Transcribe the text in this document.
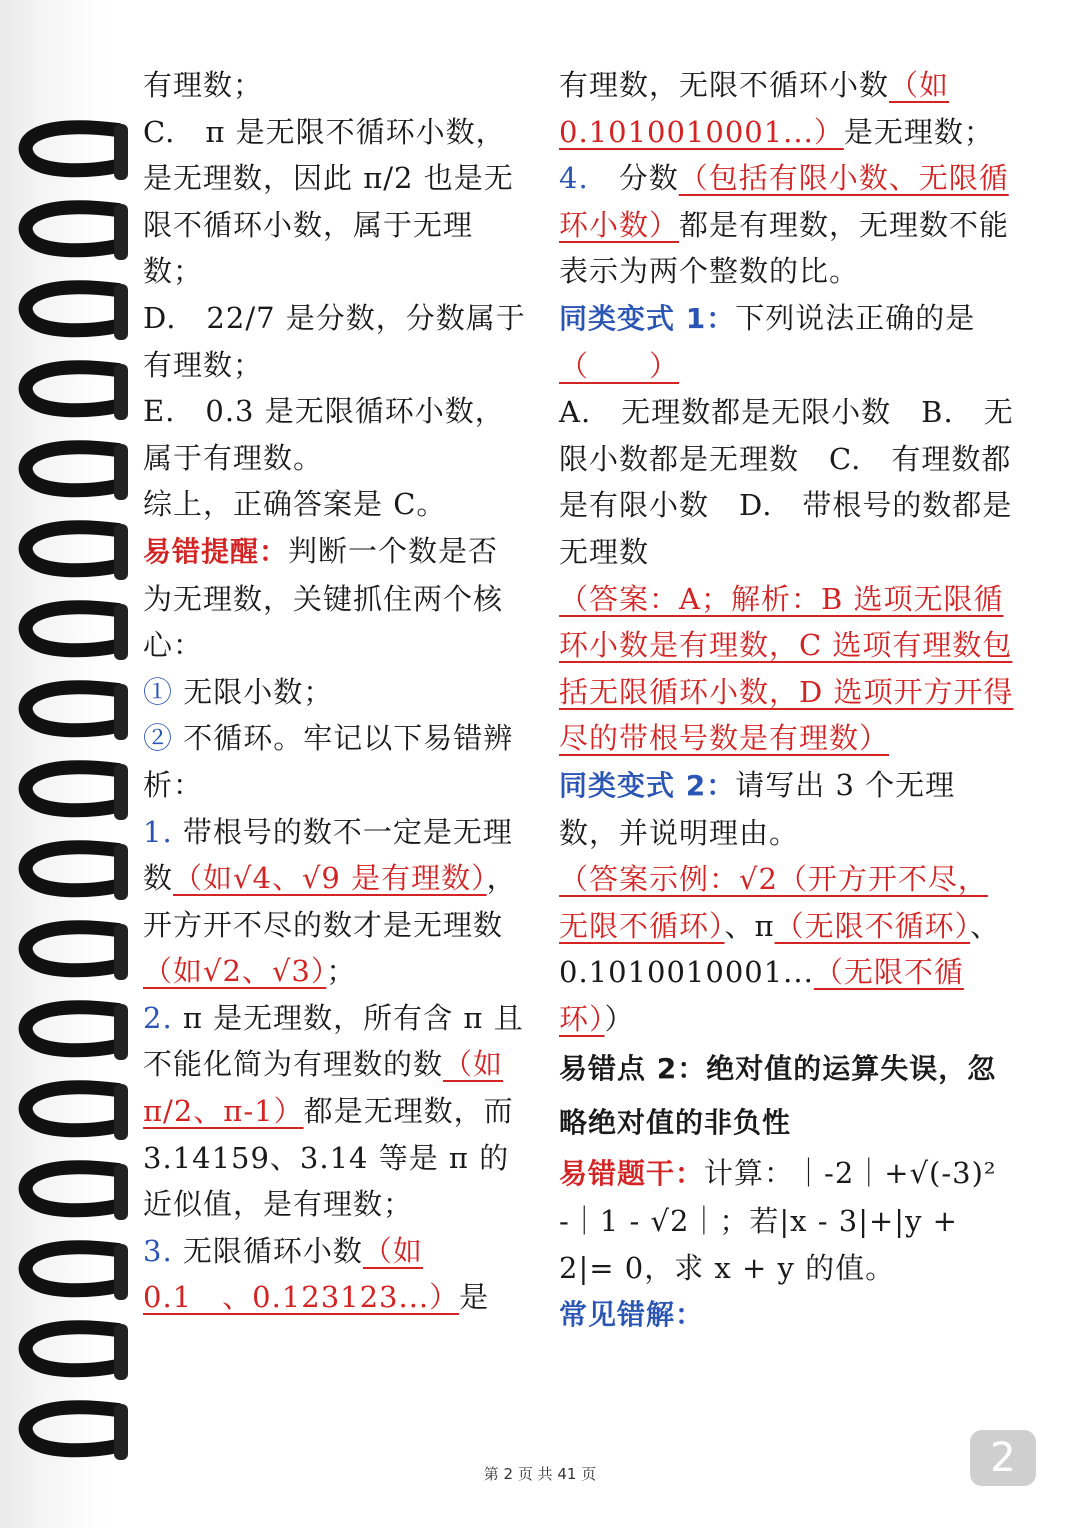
有理数；

C.　π 是无限不循环小数，是无理数，因此 π/2 也是无限不循环小数，属于无理数；

D.　22/7 是分数，分数属于有理数；

E.　0.3 是无限循环小数，属于有理数。

综上，正确答案是 C。

易错提醒：判断一个数是否为无理数，关键抓住两个核心：

① 无限小数；

② 不循环。牢记以下易错辨析：

1. 带根号的数不一定是无理数（如√4、√9 是有理数），开方开不尽的数才是无理数（如√2、√3）；

2. π 是无理数，所有含 π 且不能化简为有理数的数（如 π/2、π-1）都是无理数，而 3.14159、3.14 等是 π 的近似值，是有理数；

3. 无限循环小数（如 0.1　、0.123123...）是

有理数，无限不循环小数（如 0.1010010001...）是无理数；

4.　 分数（包括有限小数、无限循环小数）都是有理数，无理数不能表示为两个整数的比。

同类变式 1：下列说法正确的是（　　）

A.　无理数都是无限小数　B.　无限小数都是无理数　C.　有理数都是有限小数　D.　带根号的数都是无理数

（答案：A；解析：B 选项无限循环小数是有理数，C 选项有理数包括无限循环小数，D 选项开方开得尽的带根号数是有理数）

同类变式 2：请写出 3 个无理数，并说明理由。

（答案示例：√2（开方开不尽，无限不循环）、π（无限不循环）、0.1010010001...（无限不循环））

易错点 2：绝对值的运算失误，忽略绝对值的非负性

易错题干：计算：｜-2｜+√(-3)² -｜1 - √2｜；若|x - 3|+|y + 2|= 0，求 x + y 的值。

常见错解：

第 2 页 共 41 页	2
